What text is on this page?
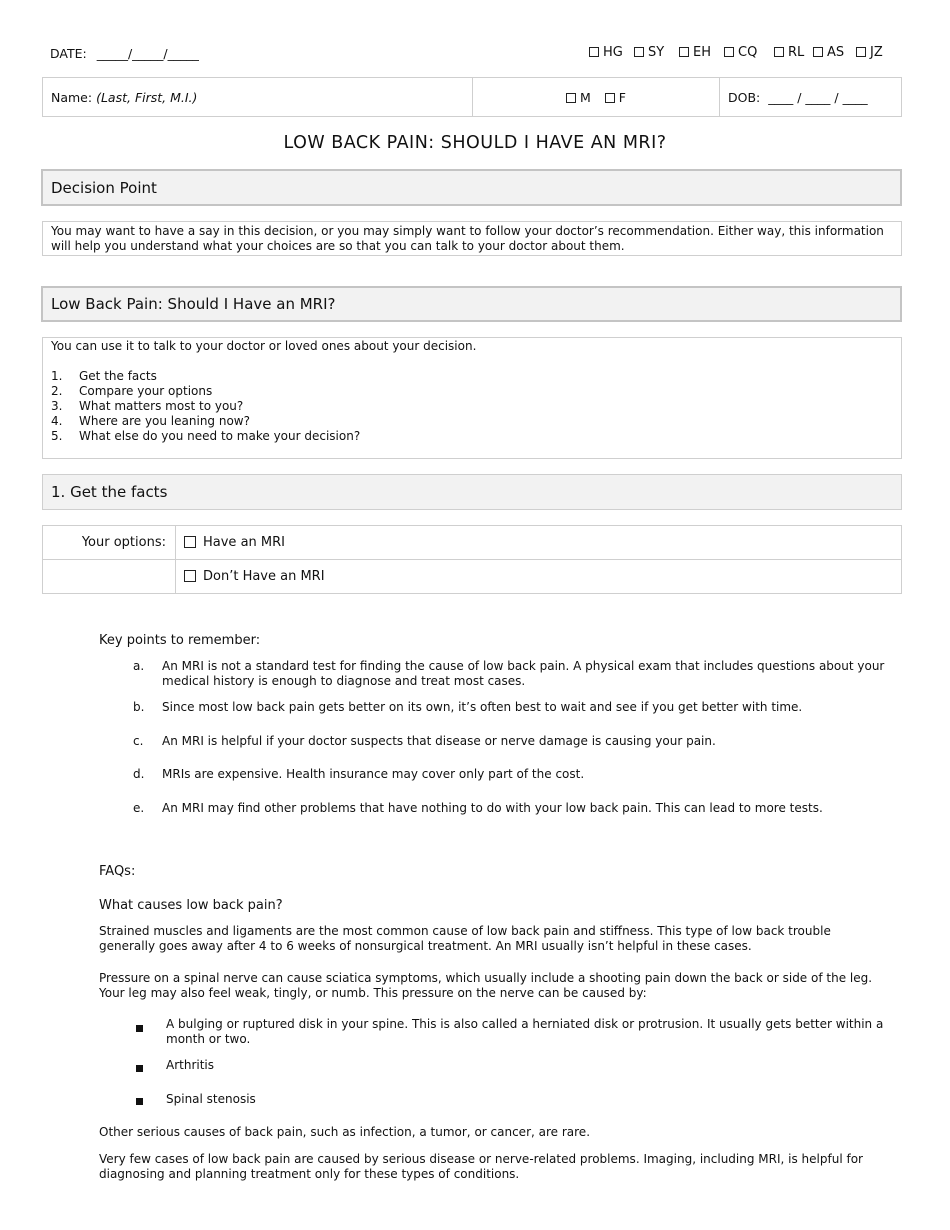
DATE: _____/_____/_____	HG	SY	EH	CQ	RL	AS	JZ
Name: (Last, First, M.I.)	M	F	DOB: ____ / ____ / ____
LOW BACK PAIN: SHOULD I HAVE AN MRI?
Decision Point
You may want to have a say in this decision, or you may simply want to follow your doctor’s recommendation. Either way, this information will help you understand what your choices are so that you can talk to your doctor about them.
Low Back Pain: Should I Have an MRI?
You can use it to talk to your doctor or loved ones about your decision.
1.	Get the facts
2.	Compare your options
3.	What matters most to you?
4.	Where are you leaning now?
5.	What else do you need to make your decision?
1. Get the facts
Your options:	Have an MRI
Don’t Have an MRI
Key points to remember:
a.	An MRI is not a standard test for finding the cause of low back pain. A physical exam that includes questions about your medical history is enough to diagnose and treat most cases.
b.	Since most low back pain gets better on its own, it’s often best to wait and see if you get better with time.
c.	An MRI is helpful if your doctor suspects that disease or nerve damage is causing your pain.
d.	MRIs are expensive. Health insurance may cover only part of the cost.
e.	An MRI may find other problems that have nothing to do with your low back pain. This can lead to more tests.
FAQs:
What causes low back pain?
Strained muscles and ligaments are the most common cause of low back pain and stiffness. This type of low back trouble generally goes away after 4 to 6 weeks of nonsurgical treatment. An MRI usually isn’t helpful in these cases.
Pressure on a spinal nerve can cause sciatica symptoms, which usually include a shooting pain down the back or side of the leg. Your leg may also feel weak, tingly, or numb. This pressure on the nerve can be caused by:
A bulging or ruptured disk in your spine. This is also called a herniated disk or protrusion. It usually gets better within a month or two.
Arthritis
Spinal stenosis
Other serious causes of back pain, such as infection, a tumor, or cancer, are rare.
Very few cases of low back pain are caused by serious disease or nerve-related problems. Imaging, including MRI, is helpful for diagnosing and planning treatment only for these types of conditions.
